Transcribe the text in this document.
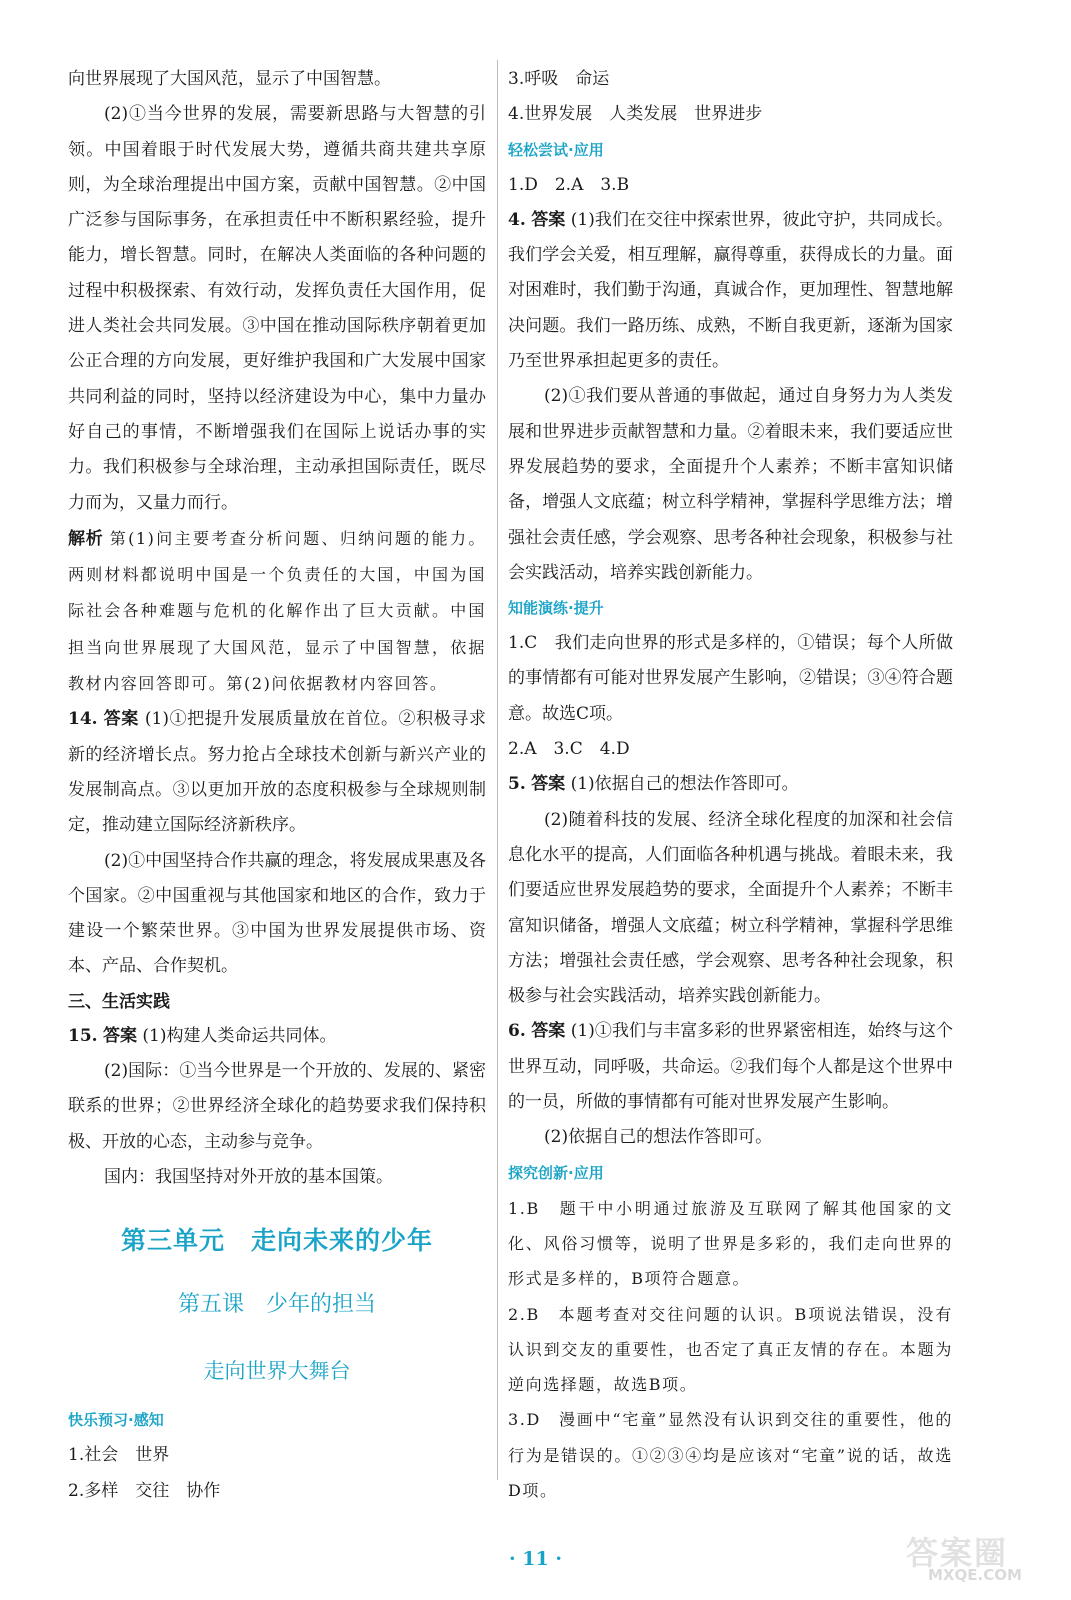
向世界展现了大国风范，显示了中国智慧。

(2)①当今世界的发展，需要新思路与大智慧的引领。中国着眼于时代发展大势，遵循共商共建共享原则，为全球治理提出中国方案，贡献中国智慧。②中国广泛参与国际事务，在承担责任中不断积累经验，提升能力，增长智慧。同时，在解决人类面临的各种问题的过程中积极探索、有效行动，发挥负责任大国作用，促进人类社会共同发展。③中国在推动国际秩序朝着更加公正合理的方向发展，更好维护我国和广大发展中国家共同利益的同时，坚持以经济建设为中心，集中力量办好自己的事情，不断增强我们在国际上说话办事的实力。我们积极参与全球治理，主动承担国际责任，既尽力而为，又量力而行。

解析 第(1)问主要考查分析问题、归纳问题的能力。两则材料都说明中国是一个负责任的大国，中国为国际社会各种难题与危机的化解作出了巨大贡献。中国担当向世界展现了大国风范，显示了中国智慧，依据教材内容回答即可。第(2)问依据教材内容回答。

14. 答案 (1)①把提升发展质量放在首位。②积极寻求新的经济增长点。努力抢占全球技术创新与新兴产业的发展制高点。③以更加开放的态度积极参与全球规则制定，推动建立国际经济新秩序。

(2)①中国坚持合作共赢的理念，将发展成果惠及各个国家。②中国重视与其他国家和地区的合作，致力于建设一个繁荣世界。③中国为世界发展提供市场、资本、产品、合作契机。

三、生活实践

15. 答案 (1)构建人类命运共同体。

(2)国际：①当今世界是一个开放的、发展的、紧密联系的世界；②世界经济全球化的趋势要求我们保持积极、开放的心态，主动参与竞争。

国内：我国坚持对外开放的基本国策。

第三单元　走向未来的少年

第五课　少年的担当

走向世界大舞台

快乐预习·感知

1.社会　世界

2.多样　交往　协作

3.呼吸　命运

4.世界发展　人类发展　世界进步

轻松尝试·应用

1.D　2.A　3.B

4. 答案 (1)我们在交往中探索世界，彼此守护，共同成长。我们学会关爱，相互理解，赢得尊重，获得成长的力量。面对困难时，我们勤于沟通，真诚合作，更加理性、智慧地解决问题。我们一路历练、成熟，不断自我更新，逐渐为国家乃至世界承担起更多的责任。

(2)①我们要从普通的事做起，通过自身努力为人类发展和世界进步贡献智慧和力量。②着眼未来，我们要适应世界发展趋势的要求，全面提升个人素养；不断丰富知识储备，增强人文底蕴；树立科学精神，掌握科学思维方法；增强社会责任感，学会观察、思考各种社会现象，积极参与社会实践活动，培养实践创新能力。

知能演练·提升

1.C　我们走向世界的形式是多样的，①错误；每个人所做的事情都有可能对世界发展产生影响，②错误；③④符合题意。故选C项。

2.A　3.C　4.D

5. 答案 (1)依据自己的想法作答即可。

(2)随着科技的发展、经济全球化程度的加深和社会信息化水平的提高，人们面临各种机遇与挑战。着眼未来，我们要适应世界发展趋势的要求，全面提升个人素养；不断丰富知识储备，增强人文底蕴；树立科学精神，掌握科学思维方法；增强社会责任感，学会观察、思考各种社会现象，积极参与社会实践活动，培养实践创新能力。

6. 答案 (1)①我们与丰富多彩的世界紧密相连，始终与这个世界互动，同呼吸，共命运。②我们每个人都是这个世界中的一员，所做的事情都有可能对世界发展产生影响。

(2)依据自己的想法作答即可。

探究创新·应用

1.B　题干中小明通过旅游及互联网了解其他国家的文化、风俗习惯等，说明了世界是多彩的，我们走向世界的形式是多样的，B项符合题意。

2.B　本题考查对交往问题的认识。B项说法错误，没有认识到交友的重要性，也否定了真正友情的存在。本题为逆向选择题，故选B项。

3.D　漫画中“宅童”显然没有认识到交往的重要性，他的行为是错误的。①②③④均是应该对“宅童”说的话，故选D项。

· 11 ·	答案圈
MXQE.COM
